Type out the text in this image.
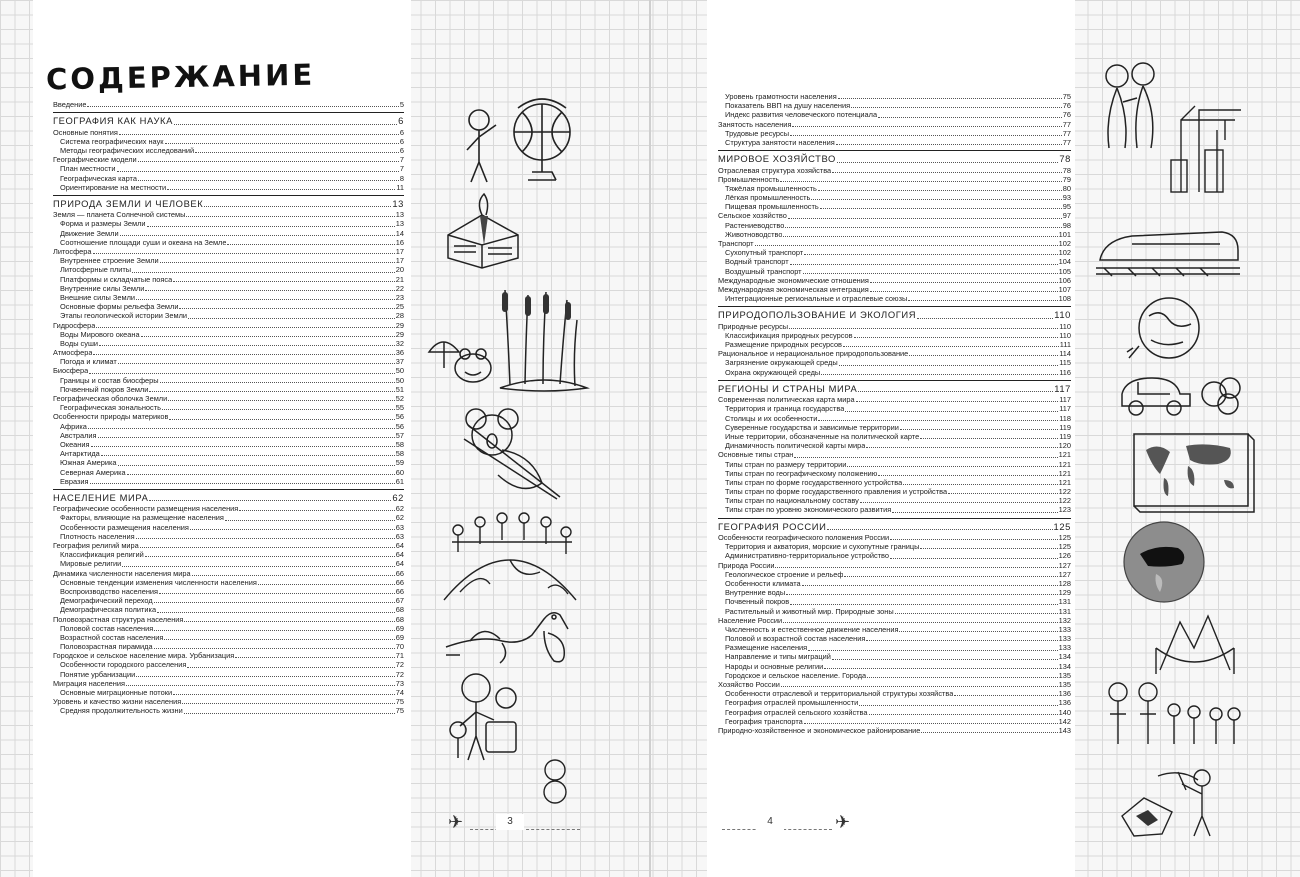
СОДЕРЖАНИЕ
Введение	5
ГЕОГРАФИЯ КАК НАУКА	6
Основные понятия	6
Система географических наук	6
Методы географических исследований	6
Географические модели	7
План местности	7
Географическая карта	8
Ориентирование на местности	11
ПРИРОДА ЗЕМЛИ И ЧЕЛОВЕК	13
Земля — планета Солнечной системы	13
Форма и размеры Земли	13
Движение Земли	14
Соотношение площади суши и океана на Земле	16
Литосфера	17
Внутреннее строение Земли	17
Литосферные плиты	20
Платформы и складчатые пояса	21
Внутренние силы Земли	22
Внешние силы Земли	23
Основные формы рельефа Земли	25
Этапы геологической истории Земли	28
Гидросфера	29
Воды Мирового океана	29
Воды суши	32
Атмосфера	36
Погода и климат	37
Биосфера	50
Границы и состав биосферы	50
Почвенный покров Земли	51
Географическая оболочка Земли	52
Географическая зональность	55
Особенности природы материков	56
Африка	56
Австралия	57
Океания	58
Антарктида	58
Южная Америка	59
Северная Америка	60
Евразия	61
НАСЕЛЕНИЕ МИРА	62
Географические особенности размещения населения	62
Факторы, влияющие на размещение населения	62
Особенности размещения населения	63
Плотность населения	63
География религий мира	64
Классификация религий	64
Мировые религии	64
Динамика численности населения мира	66
Основные тенденции изменения численности населения	66
Воспроизводство населения	66
Демографический переход	67
Демографическая политика	68
Половозрастная структура населения	68
Половой состав населения	69
Возрастной состав населения	69
Половозрастная пирамида	70
Городское и сельское население мира. Урбанизация	71
Особенности городского расселения	72
Понятие урбанизации	72
Миграция населения	73
Основные миграционные потоки	74
Уровень и качество жизни населения	75
Средняя продолжительность жизни	75
Уровень грамотности населения	75
Показатель ВВП на душу населения	76
Индекс развития человеческого потенциала	76
Занятость населения	77
Трудовые ресурсы	77
Структура занятости населения	77
МИРОВОЕ ХОЗЯЙСТВО	78
Отраслевая структура хозяйства	78
Промышленность	79
Тяжёлая промышленность	80
Лёгкая промышленность	93
Пищевая промышленность	95
Сельское хозяйство	97
Растениеводство	98
Животноводство	101
Транспорт	102
Сухопутный транспорт	102
Водный транспорт	104
Воздушный транспорт	105
Международные экономические отношения	106
Международная экономическая интеграция	107
Интеграционные региональные и отраслевые союзы	108
ПРИРОДОПОЛЬЗОВАНИЕ И ЭКОЛОГИЯ	110
Природные ресурсы	110
Классификация природных ресурсов	110
Размещение природных ресурсов	111
Рациональное и нерациональное природопользование	114
Загрязнение окружающей среды	115
Охрана окружающей среды	116
РЕГИОНЫ И СТРАНЫ МИРА	117
Современная политическая карта мира	117
Территория и граница государства	117
Столицы и их особенности	118
Суверенные государства и зависимые территории	119
Иные территории, обозначенные на политической карте	119
Динамичность политической карты мира	120
Основные типы стран	121
Типы стран по размеру территории	121
Типы стран по географическому положению	121
Типы стран по форме государственного устройства	121
Типы стран по форме государственного правления и устройства	122
Типы стран по национальному составу	122
Типы стран по уровню экономического развития	123
ГЕОГРАФИЯ РОССИИ	125
Особенности географического положения России	125
Территория и акватория, морские и сухопутные границы	125
Административно-территориальное устройство	126
Природа России	127
Геологическое строение и рельеф	127
Особенности климата	128
Внутренние воды	129
Почвенный покров	131
Растительный и животный мир. Природные зоны	131
Население России	132
Численность и естественное движение населения	133
Половой и возрастной состав населения	133
Размещение населения	133
Направление и типы миграций	134
Народы и основные религии	134
Городское и сельское население. Города	135
Хозяйство России	135
Особенности отраслевой и территориальной структуры хозяйства	136
География отраслей промышленности	136
География отраслей сельского хозяйства	140
География транспорта	142
Природно-хозяйственное и экономическое районирование	143
✈	3	✈
4
